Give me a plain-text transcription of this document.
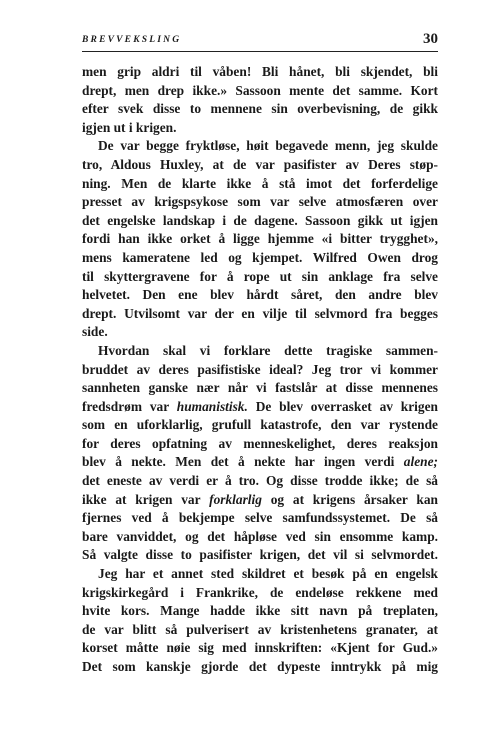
BREVVEKSLING	30
men grip aldri til våben! Bli hånet, bli skjendet, bli
drept, men drep ikke.» Sassoon mente det samme. Kort
efter svek disse to mennene sin overbevisning, de gikk
igjen ut i krigen.
De var begge fryktløse, høit begavede menn, jeg skulde
tro, Aldous Huxley, at de var pasifister av Deres støp-
ning. Men de klarte ikke å stå imot det forferdelige
presset av krigspsykose som var selve atmosfæren over
det engelske landskap i de dagene. Sassoon gikk ut igjen
fordi han ikke orket å ligge hjemme «i bitter trygghet»,
mens kameratene led og kjempet. Wilfred Owen drog
til skyttergravene for å rope ut sin anklage fra selve
helvetet. Den ene blev hårdt såret, den andre blev
drept. Utvilsomt var der en vilje til selvmord fra begges
side.
Hvordan skal vi forklare dette tragiske sammen-
bruddet av deres pasifistiske ideal? Jeg tror vi kommer
sannheten ganske nær når vi fastslår at disse mennenes
fredsdrøm var humanistisk. De blev overrasket av krigen
som en uforklarlig, grufull katastrofe, den var rystende
for deres opfatning av menneskelighet, deres reaksjon
blev å nekte. Men det å nekte har ingen verdi alene;
det eneste av verdi er å tro. Og disse trodde ikke; de så
ikke at krigen var forklarlig og at krigens årsaker kan
fjernes ved å bekjempe selve samfundssystemet. De så
bare vanviddet, og det håpløse ved sin ensomme kamp.
Så valgte disse to pasifister krigen, det vil si selvmordet.
Jeg har et annet sted skildret et besøk på en engelsk
krigskirkegård i Frankrike, de endeløse rekkene med
hvite kors. Mange hadde ikke sitt navn på treplaten,
de var blitt så pulverisert av kristenhetens granater, at
korset måtte nøie sig med innskriften: «Kjent for Gud.»
Det som kanskje gjorde det dypeste inntrykk på mig
